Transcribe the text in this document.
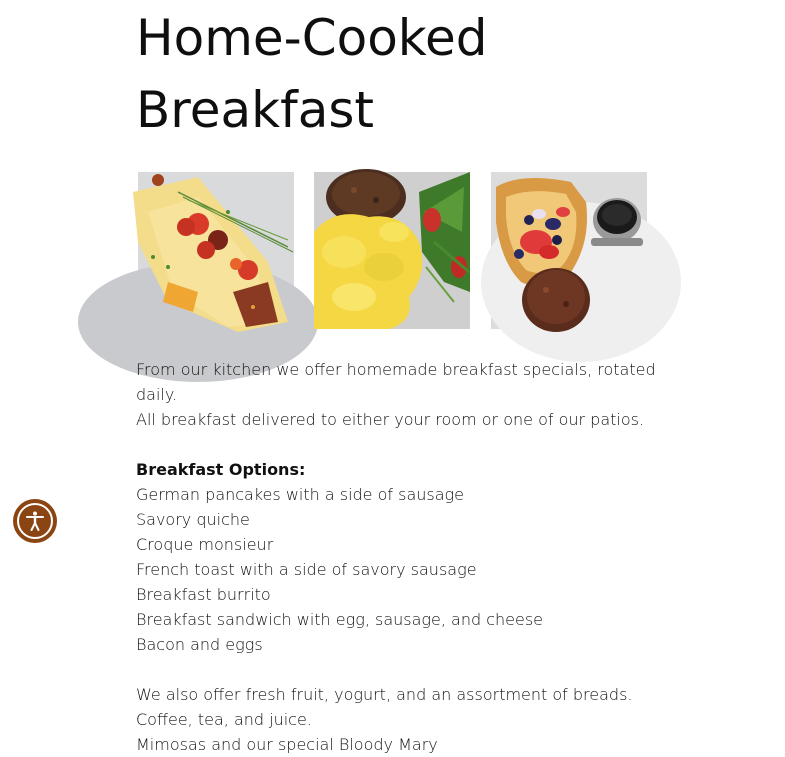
Home-Cooked
Breakfast

From our kitchen we offer homemade breakfast specials, rotated daily.

All breakfast delivered to either your room or one of our patios.

Breakfast Options:

German pancakes with a side of sausage

Savory quiche

Croque monsieur

French toast with a side of savory sausage

Breakfast burrito

Breakfast sandwich with egg, sausage, and cheese

Bacon and eggs

We also offer fresh fruit, yogurt, and an assortment of breads.

Coffee, tea, and juice.

Mimosas and our special Bloody Mary
